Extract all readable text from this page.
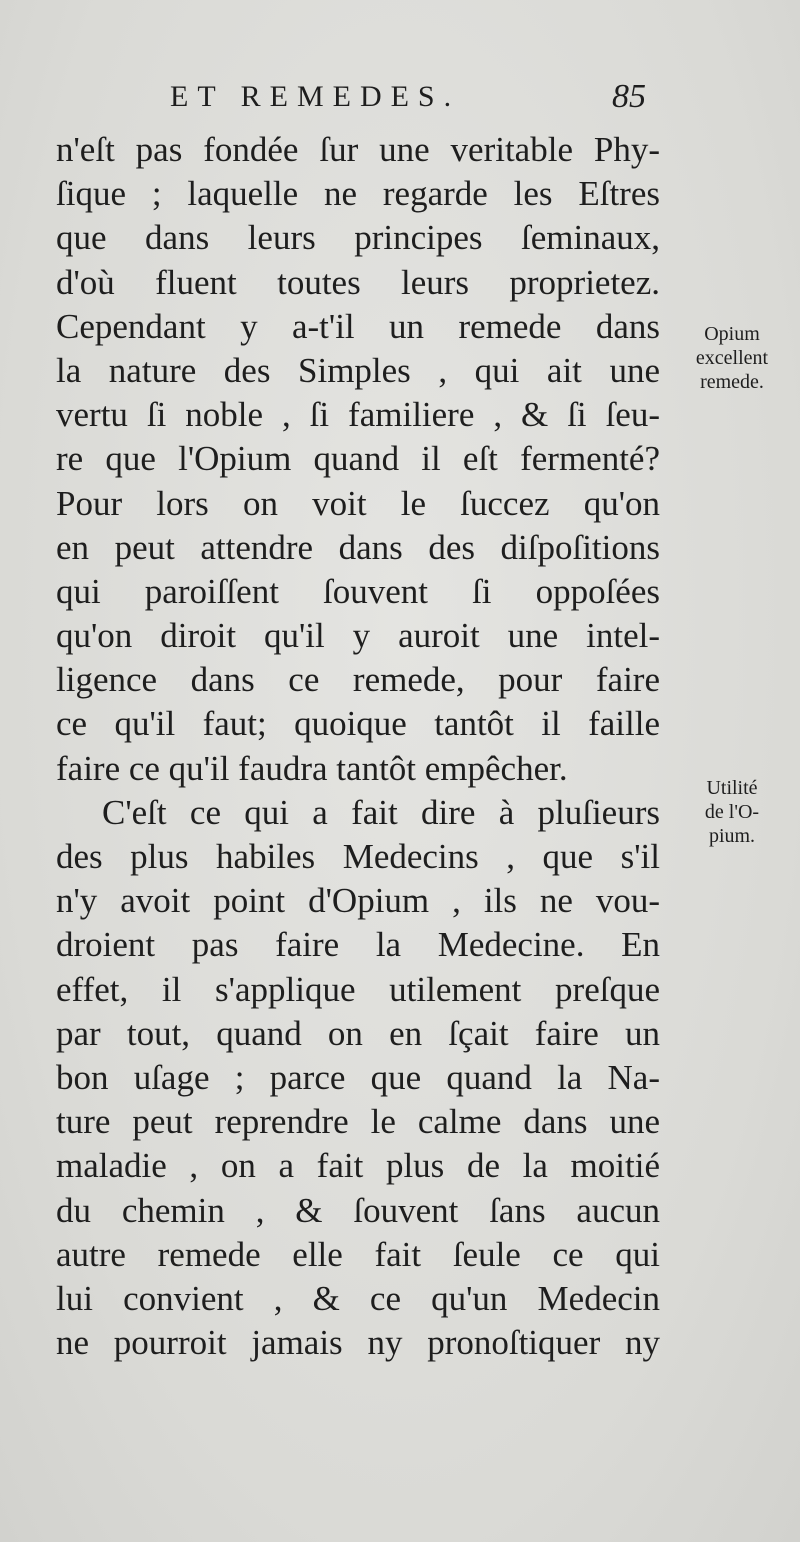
ET REMEDES.	85
n'eſt pas fondée ſur une veritable Phy-
ſique ; laquelle ne regarde les Eſtres
que dans leurs principes ſeminaux,
d'où fluent toutes leurs proprietez.
Cependant y a-t'il un remede dans
la nature des Simples , qui ait une
vertu ſi noble , ſi familiere , & ſi ſeu-
re que l'Opium quand il eſt fermenté?
Pour lors on voit le ſuccez qu'on
en peut attendre dans des diſpoſitions
qui paroiſſent ſouvent ſi oppoſées
qu'on diroit qu'il y auroit une intel-
ligence dans ce remede, pour faire
ce qu'il faut; quoique tantôt il faille
faire ce qu'il faudra tantôt empêcher.
C'eſt ce qui a fait dire à pluſieurs
des plus habiles Medecins , que s'il
n'y avoit point d'Opium , ils ne vou-
droient pas faire la Medecine. En
effet, il s'applique utilement preſque
par tout, quand on en ſçait faire un
bon uſage ; parce que quand la Na-
ture peut reprendre le calme dans une
maladie , on a fait plus de la moitié
du chemin , & ſouvent ſans aucun
autre remede elle fait ſeule ce qui
lui convient , & ce qu'un Medecin
ne pourroit jamais ny pronoſtiquer ny
Opium
excellent
remede.
Utilité
de l'O-
pium.
